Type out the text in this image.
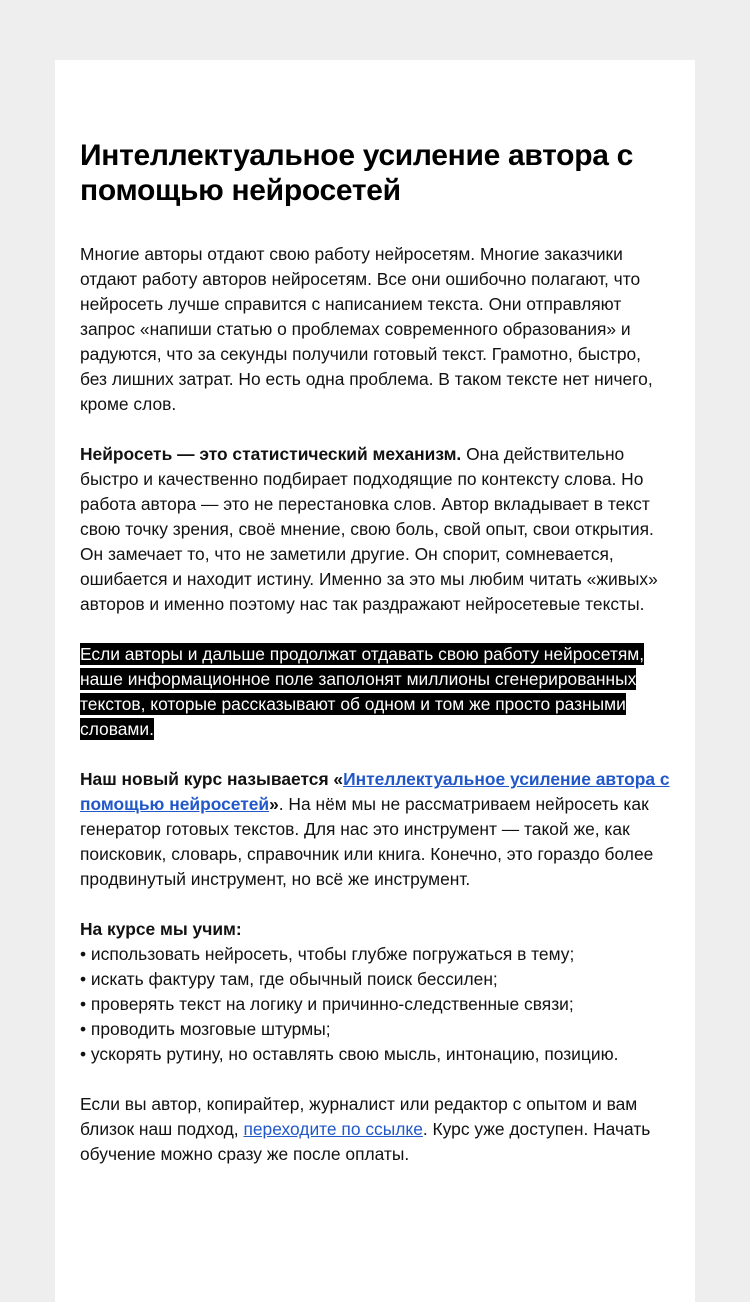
Интеллектуальное усиление автора с помощью нейросетей

Многие авторы отдают свою работу нейросетям. Многие заказчики отдают работу авторов нейросетям. Все они ошибочно полагают, что нейросеть лучше справится с написанием текста. Они отправляют запрос «напиши статью о проблемах современного образования» и радуются, что за секунды получили готовый текст. Грамотно, быстро, без лишних затрат. Но есть одна проблема. В таком тексте нет ничего, кроме слов.

Нейросеть — это статистический механизм. Она действительно быстро и качественно подбирает подходящие по контексту слова. Но работа автора — это не перестановка слов. Автор вкладывает в текст свою точку зрения, своё мнение, свою боль, свой опыт, свои открытия. Он замечает то, что не заметили другие. Он спорит, сомневается, ошибается и находит истину. Именно за это мы любим читать «живых» авторов и именно поэтому нас так раздражают нейросетевые тексты.

Если авторы и дальше продолжат отдавать свою работу нейросетям, наше информационное поле заполонят миллионы сгенерированных текстов, которые рассказывают об одном и том же просто разными словами.

Наш новый курс называется «Интеллектуальное усиление автора с помощью нейросетей». На нём мы не рассматриваем нейросеть как генератор готовых текстов. Для нас это инструмент — такой же, как поисковик, словарь, справочник или книга. Конечно, это гораздо более продвинутый инструмент, но всё же инструмент.

На курсе мы учим:
• использовать нейросеть, чтобы глубже погружаться в тему;
• искать фактуру там, где обычный поиск бессилен;
• проверять текст на логику и причинно-следственные связи;
• проводить мозговые штурмы;
• ускорять рутину, но оставлять свою мысль, интонацию, позицию.

Если вы автор, копирайтер, журналист или редактор с опытом и вам близок наш подход, переходите по ссылке. Курс уже доступен. Начать обучение можно сразу же после оплаты.
